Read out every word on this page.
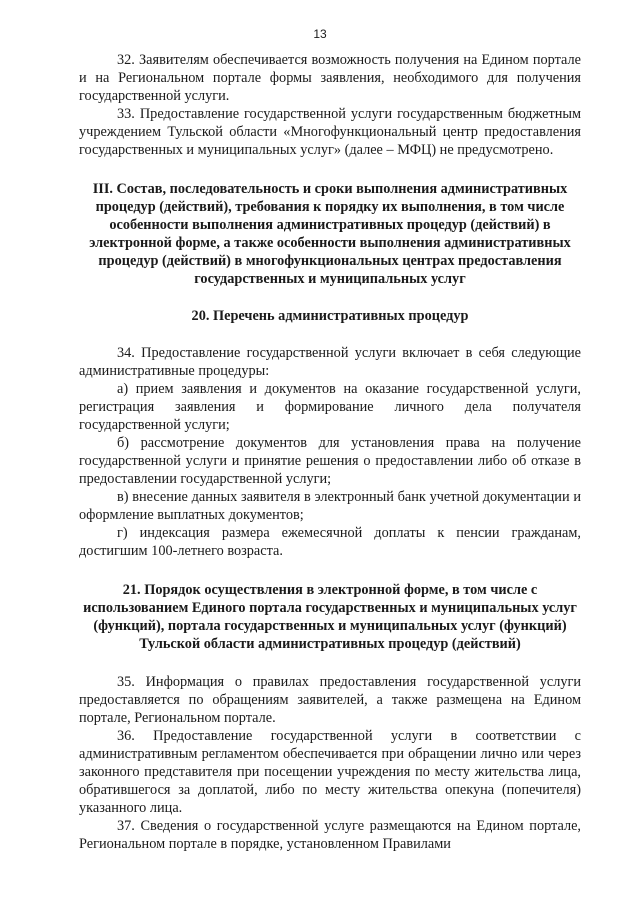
13

32. Заявителям обеспечивается возможность получения на Едином портале и на Региональном портале формы заявления, необходимого для получения государственной услуги.

33. Предоставление государственной услуги государственным бюджетным учреждением Тульской области «Многофункциональный центр предоставления государственных и муниципальных услуг» (далее – МФЦ) не предусмотрено.

III. Состав, последовательность и сроки выполнения административных процедур (действий), требования к порядку их выполнения, в том числе особенности выполнения административных процедур (действий) в электронной форме, а также особенности выполнения административных процедур (действий) в многофункциональных центрах предоставления государственных и муниципальных услуг
20. Перечень административных процедур

34. Предоставление государственной услуги включает в себя следующие административные процедуры:

а) прием заявления и документов на оказание государственной услуги, регистрация заявления и формирование личного дела получателя государственной услуги;

б) рассмотрение документов для установления права на получение государственной услуги и принятие решения о предоставлении либо об отказе в предоставлении государственной услуги;

в) внесение данных заявителя в электронный банк учетной документации и оформление выплатных документов;

г) индексация размера ежемесячной доплаты к пенсии гражданам, достигшим 100-летнего возраста.

21. Порядок осуществления в электронной форме, в том числе с использованием Единого портала государственных и муниципальных услуг (функций), портала государственных и муниципальных услуг (функций) Тульской области административных процедур (действий)

35. Информация о правилах предоставления государственной услуги предоставляется по обращениям заявителей, а также размещена на Едином портале, Региональном портале.

36. Предоставление государственной услуги в соответствии с административным регламентом обеспечивается при обращении лично или через законного представителя при посещении учреждения по месту жительства лица, обратившегося за доплатой, либо по месту жительства опекуна (попечителя) указанного лица.

37. Сведения о государственной услуге размещаются на Едином портале, Региональном портале в порядке, установленном Правилами
